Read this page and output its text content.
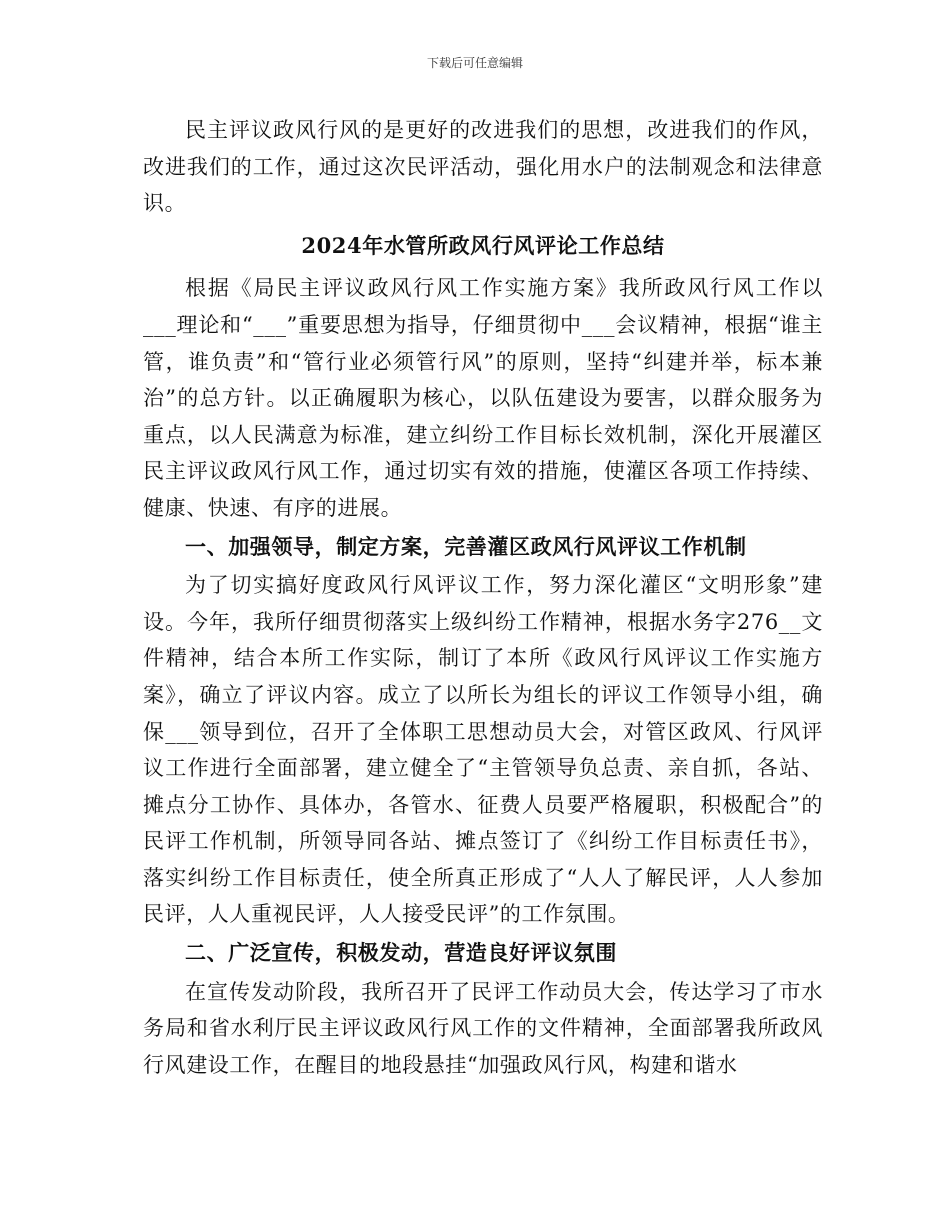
下载后可任意编辑

民主评议政风行风的是更好的改进我们的思想，改进我们的作风，改进我们的工作，通过这次民评活动，强化用水户的法制观念和法律意识。

2024年水管所政风行风评论工作总结

根据《局民主评议政风行风工作实施方案》我所政风行风工作以___理论和“___”重要思想为指导，仔细贯彻中___会议精神，根据“谁主管，谁负责”和“管行业必须管行风”的原则，坚持“纠建并举，标本兼治”的总方针。以正确履职为核心，以队伍建设为要害，以群众服务为重点，以人民满意为标准，建立纠纷工作目标长效机制，深化开展灌区民主评议政风行风工作，通过切实有效的措施，使灌区各项工作持续、健康、快速、有序的进展。

一、加强领导，制定方案，完善灌区政风行风评议工作机制

为了切实搞好度政风行风评议工作，努力深化灌区“文明形象”建设。今年，我所仔细贯彻落实上级纠纷工作精神，根据水务字276__文件精神，结合本所工作实际，制订了本所《政风行风评议工作实施方案》，确立了评议内容。成立了以所长为组长的评议工作领导小组，确保___领导到位，召开了全体职工思想动员大会，对管区政风、行风评议工作进行全面部署，建立健全了“主管领导负总责、亲自抓，各站、摊点分工协作、具体办，各管水、征费人员要严格履职，积极配合”的民评工作机制，所领导同各站、摊点签订了《纠纷工作目标责任书》，落实纠纷工作目标责任，使全所真正形成了“人人了解民评，人人参加民评，人人重视民评，人人接受民评”的工作氛围。

二、广泛宣传，积极发动，营造良好评议氛围

在宣传发动阶段，我所召开了民评工作动员大会，传达学习了市水务局和省水利厅民主评议政风行风工作的文件精神，全面部署我所政风行风建设工作，在醒目的地段悬挂“加强政风行风，构建和谐水
